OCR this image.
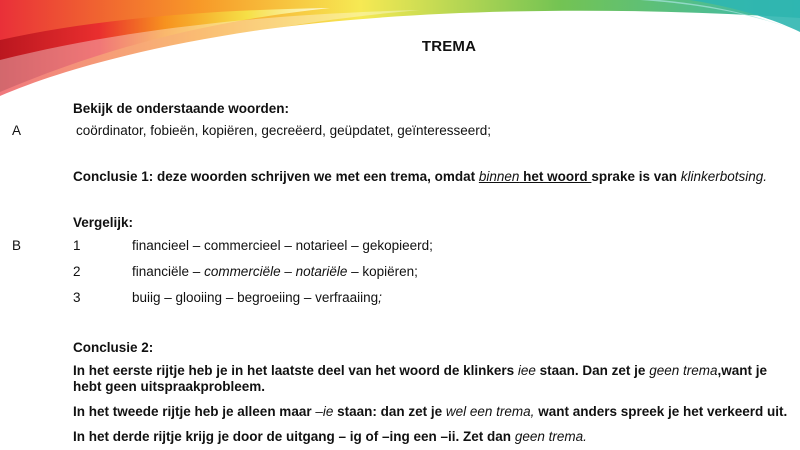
TREMA
Bekijk de onderstaande woorden:
A	coördinator, fobieën, kopiëren, gecreëerd, geüpdatet, geïnteresseerd;
Conclusie 1: deze woorden schrijven we met een trema, omdat binnen het woord sprake is van klinkerbotsing.
Vergelijk:
B	1	financieel – commercieel – notarieel – gekopieerd;
2	financiële – commerciële – notariële – kopiëren;
3	buiig – glooiing – begroeiing – verfraaiing;
Conclusie 2:
In het eerste rijtje heb je in het laatste deel van het woord de klinkers iee staan. Dan zet je geen trema,want je
hebt geen uitspraakprobleem.
In het tweede rijtje heb je alleen maar –ie staan: dan zet je wel een trema, want anders spreek je het verkeerd uit.
In het derde rijtje krijg je door de uitgang – ig of –ing een –ii. Zet dan geen trema.
